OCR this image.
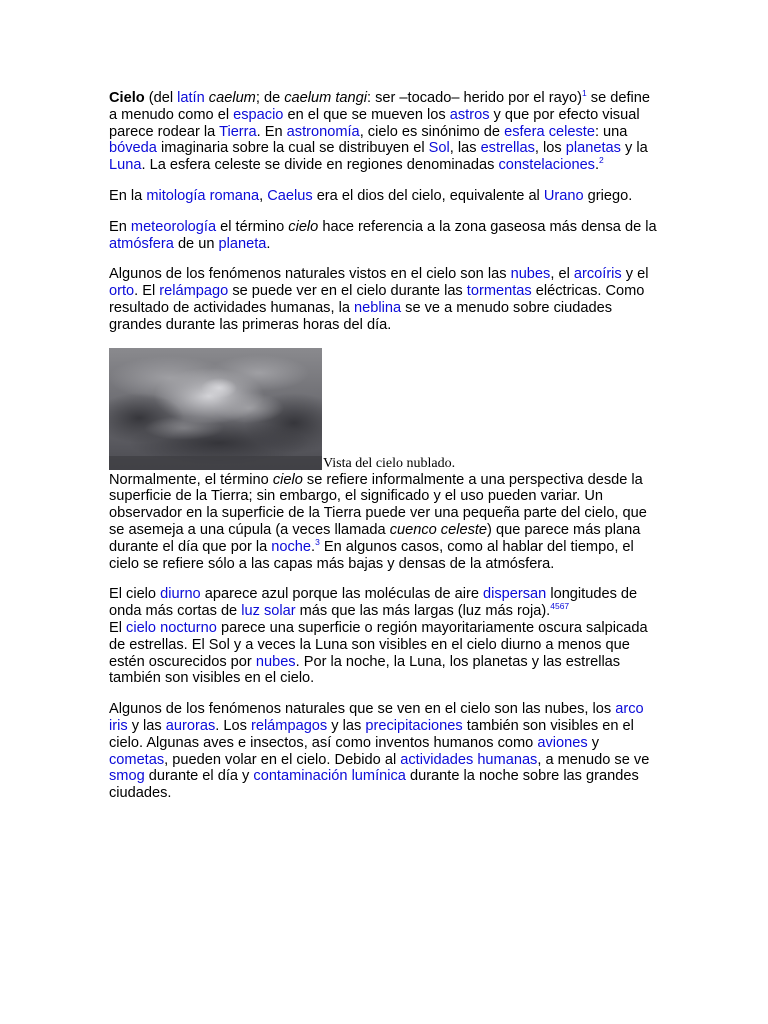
Cielo (del latín caelum; de caelum tangi: ser –tocado– herido por el rayo)$^1$ se define a menudo como el espacio en el que se mueven los astros y que por efecto visual parece rodear la Tierra. En astronomía, cielo es sinónimo de esfera celeste: una bóveda imaginaria sobre la cual se distribuyen el Sol, las estrellas, los planetas y la Luna. La esfera celeste se divide en regiones denominadas constelaciones.$^2$

En la mitología romana, Caelus era el dios del cielo, equivalente al Urano griego.

En meteorología el término cielo hace referencia a la zona gaseosa más densa de la atmósfera de un planeta.

Algunos de los fenómenos naturales vistos en el cielo son las nubes, el arcoíris y el orto. El relámpago se puede ver en el cielo durante las tormentas eléctricas. Como resultado de actividades humanas, la neblina se ve a menudo sobre ciudades grandes durante las primeras horas del día.

Vista del cielo nublado.

Normalmente, el término cielo se refiere informalmente a una perspectiva desde la superficie de la Tierra; sin embargo, el significado y el uso pueden variar. Un observador en la superficie de la Tierra puede ver una pequeña parte del cielo, que se asemeja a una cúpula (a veces llamada cuenco celeste) que parece más plana durante el día que por la noche.$^3$ En algunos casos, como al hablar del tiempo, el cielo se refiere sólo a las capas más bajas y densas de la atmósfera.

El cielo diurno aparece azul porque las moléculas de aire dispersan longitudes de onda más cortas de luz solar más que las más largas (luz más roja).$^{4567}$
El cielo nocturno parece una superficie o región mayoritariamente oscura salpicada de estrellas. El Sol y a veces la Luna son visibles en el cielo diurno a menos que estén oscurecidos por nubes. Por la noche, la Luna, los planetas y las estrellas también son visibles en el cielo.

Algunos de los fenómenos naturales que se ven en el cielo son las nubes, los arco iris y las auroras. Los relámpagos y las precipitaciones también son visibles en el cielo. Algunas aves e insectos, así como inventos humanos como aviones y cometas, pueden volar en el cielo. Debido al actividades humanas, a menudo se ve smog durante el día y contaminación lumínica durante la noche sobre las grandes ciudades.
